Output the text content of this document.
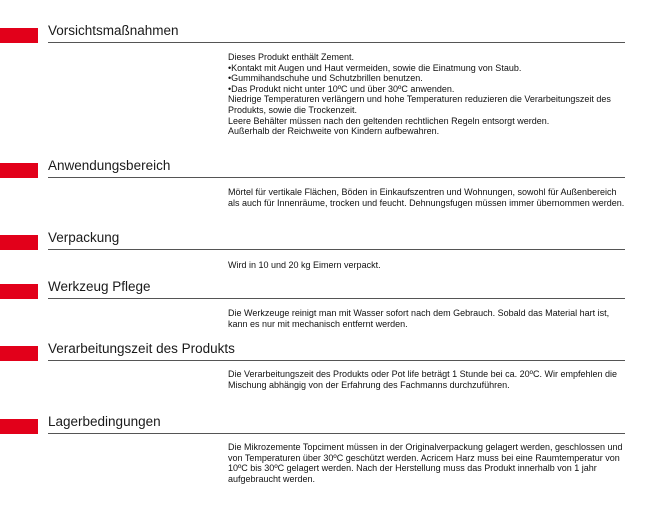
Vorsichtsmaßnahmen

Dieses Produkt enthält Zement.

• Kontakt mit Augen und Haut vermeiden, sowie die Einatmung von Staub.

• Gummihandschuhe und Schutzbrillen benutzen.

• Das Produkt nicht unter 10ºC und über 30ºC anwenden.

Niedrige Temperaturen verlängern und hohe Temperaturen reduzieren die Verarbeitungszeit des Produkts, sowie die Trockenzeit.

Leere Behälter müssen nach den geltenden rechtlichen Regeln entsorgt werden.

Außerhalb der Reichweite von Kindern aufbewahren.

Anwendungsbereich

Mörtel für vertikale Flächen, Böden in Einkaufszentren und Wohnungen, sowohl für Außenbereich als auch für Innenräume, trocken und feucht. Dehnungsfugen müssen immer übernommen werden.

Verpackung

Wird in 10 und 20 kg Eimern verpackt.

Werkzeug Pflege

Die Werkzeuge reinigt man mit Wasser sofort nach dem Gebrauch. Sobald das Material hart ist, kann es nur mit mechanisch entfernt werden.

Verarbeitungszeit des Produkts

Die Verarbeitungszeit des Produkts oder Pot life beträgt 1 Stunde bei ca. 20ºC. Wir empfehlen die Mischung abhängig von der Erfahrung des Fachmanns durchzuführen.

Lagerbedingungen

Die Mikrozemente Topciment müssen in der Originalverpackung gelagert werden, geschlossen und von Temperaturen über 30ºC geschützt werden. Acricem Harz muss bei eine Raumtemperatur von 10ºC bis 30ºC gelagert werden. Nach der Herstellung muss das Produkt innerhalb von 1 jahr aufgebraucht werden.
